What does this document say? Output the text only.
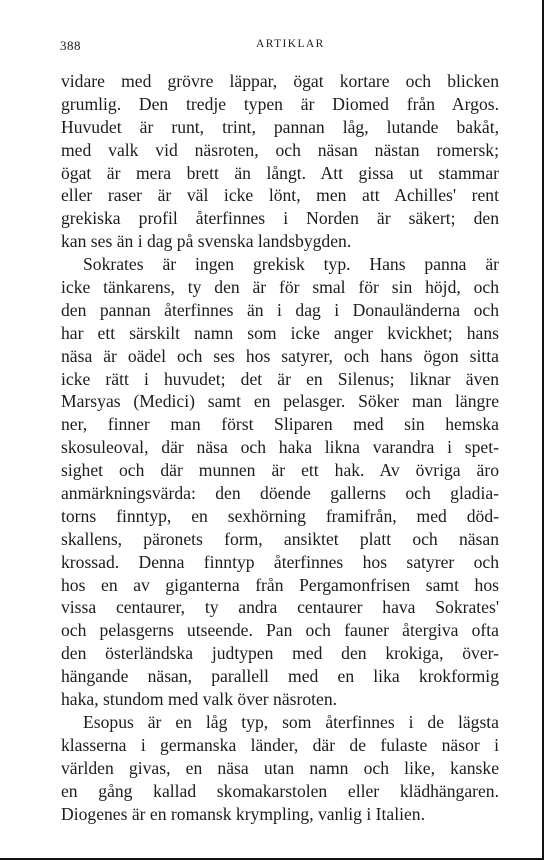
388	ARTIKLAR
vidare med grövre läppar, ögat kortare och blicken
grumlig. Den tredje typen är Diomed från Argos.
Huvudet är runt, trint, pannan låg, lutande bakåt,
med valk vid näsroten, och näsan nästan romersk;
ögat är mera brett än långt. Att gissa ut stammar
eller raser är väl icke lönt, men att Achilles' rent
grekiska profil återfinnes i Norden är säkert; den
kan ses än i dag på svenska landsbygden.
Sokrates är ingen grekisk typ. Hans panna är
icke tänkarens, ty den är för smal för sin höjd, och
den pannan återfinnes än i dag i Donauländerna och
har ett särskilt namn som icke anger kvickhet; hans
näsa är oädel och ses hos satyrer, och hans ögon sitta
icke rätt i huvudet; det är en Silenus; liknar även
Marsyas (Medici) samt en pelasger. Söker man längre
ner, finner man först Sliparen med sin hemska
skosuleoval, där näsa och haka likna varandra i spet-
sighet och där munnen är ett hak. Av övriga äro
anmärkningsvärda: den döende gallerns och gladia-
torns finntyp, en sexhörning framifrån, med död-
skallens, päronets form, ansiktet platt och näsan
krossad. Denna finntyp återfinnes hos satyrer och
hos en av giganterna från Pergamonfrisen samt hos
vissa centaurer, ty andra centaurer hava Sokrates'
och pelasgerns utseende. Pan och fauner återgiva ofta
den österländska judtypen med den krokiga, över-
hängande näsan, parallell med en lika krokformig
haka, stundom med valk över näsroten.
Esopus är en låg typ, som återfinnes i de lägsta
klasserna i germanska länder, där de fulaste näsor i
världen givas, en näsa utan namn och like, kanske
en gång kallad skomakarstolen eller klädhängaren.
Diogenes är en romansk krympling, vanlig i Italien.
